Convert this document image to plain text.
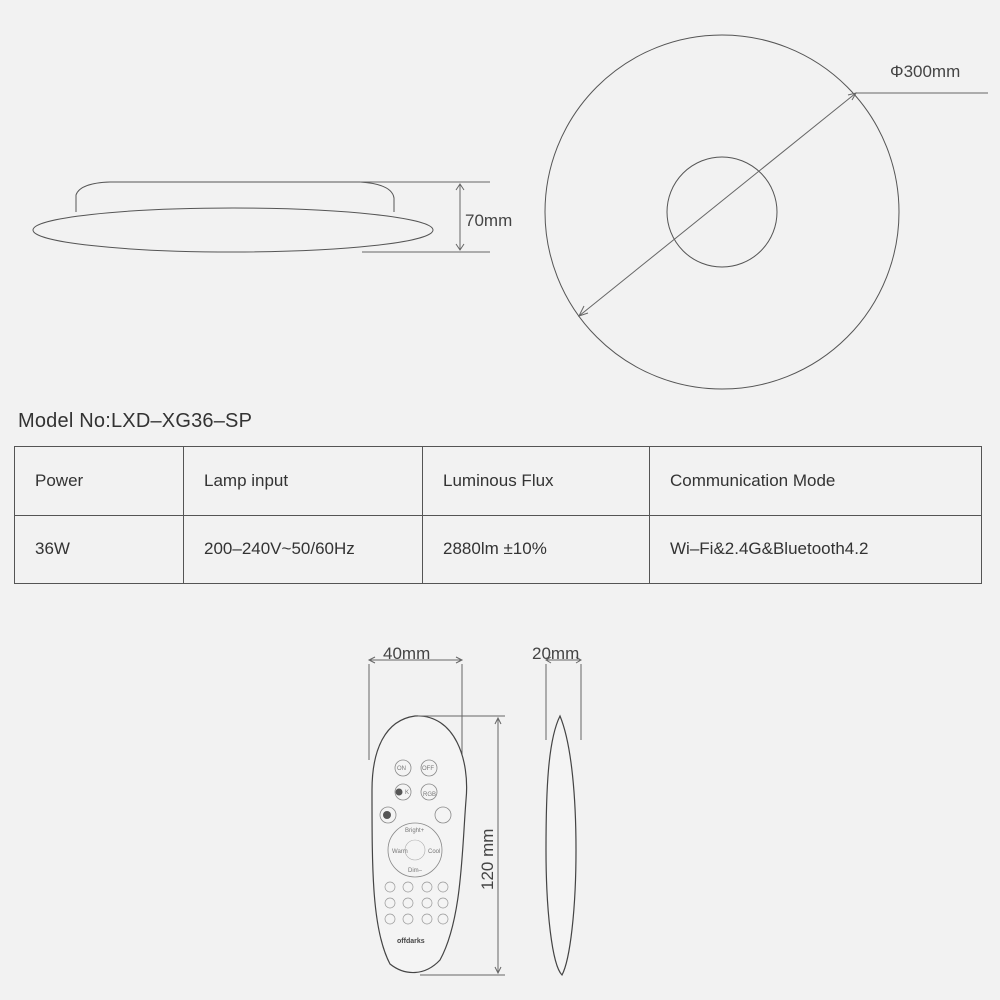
70mm
Φ300mm
40mm
ON	OFF
K RGB
Bright+
Dim–
Warm	Cool
offdarks
120 mm
20mm
Model No:LXD–XG36–SP
Power	Lamp input	Luminous Flux	Communication Mode
36W	200–240V~50/60Hz	2880lm ±10%	Wi–Fi&2.4G&Bluetooth4.2
